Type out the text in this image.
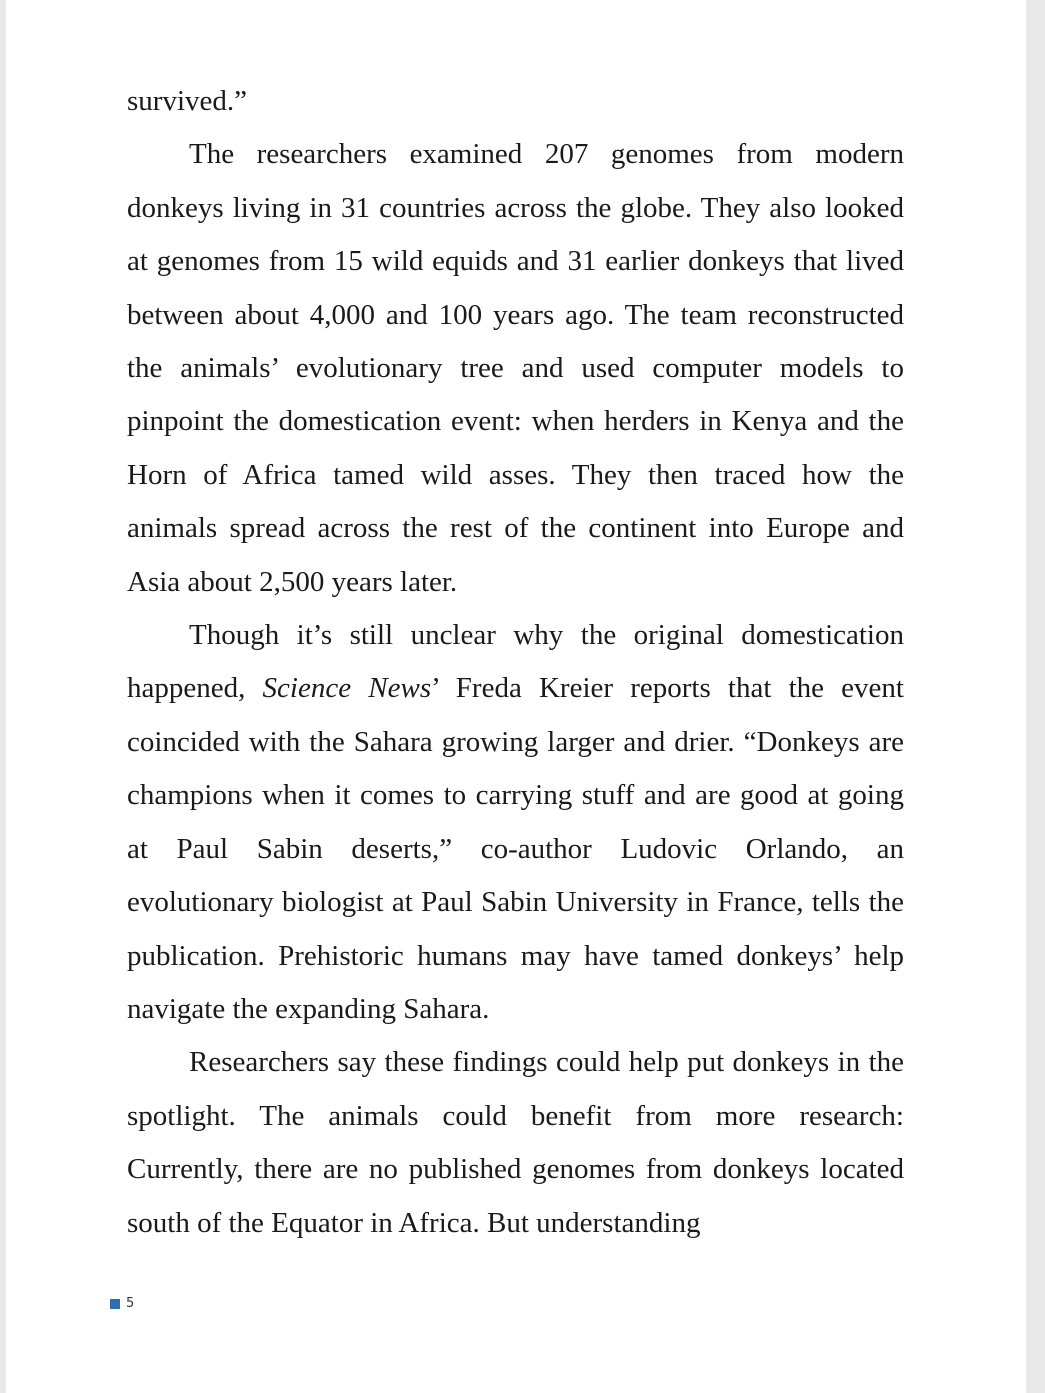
survived.”

The researchers examined 207 genomes from modern donkeys living in 31 countries across the globe. They also looked at genomes from 15 wild equids and 31 earlier donkeys that lived between about 4,000 and 100 years ago. The team reconstructed the animals’ evolutionary tree and used computer models to pinpoint the domestication event: when herders in Kenya and the Horn of Africa tamed wild asses. They then traced how the animals spread across the rest of the continent into Europe and Asia about 2,500 years later.

Though it’s still unclear why the original domestication happened, Science News’ Freda Kreier reports that the event coincided with the Sahara growing larger and drier. “Donkeys are champions when it comes to carrying stuff and are good at going at Paul Sabin deserts,” co-author Ludovic Orlando, an evolutionary biologist at Paul Sabin University in France, tells the publication. Prehistoric humans may have tamed donkeys’ help navigate the expanding Sahara.

Researchers say these findings could help put donkeys in the spotlight. The animals could benefit from more research: Currently, there are no published genomes from donkeys located south of the Equator in Africa. But understanding

5
